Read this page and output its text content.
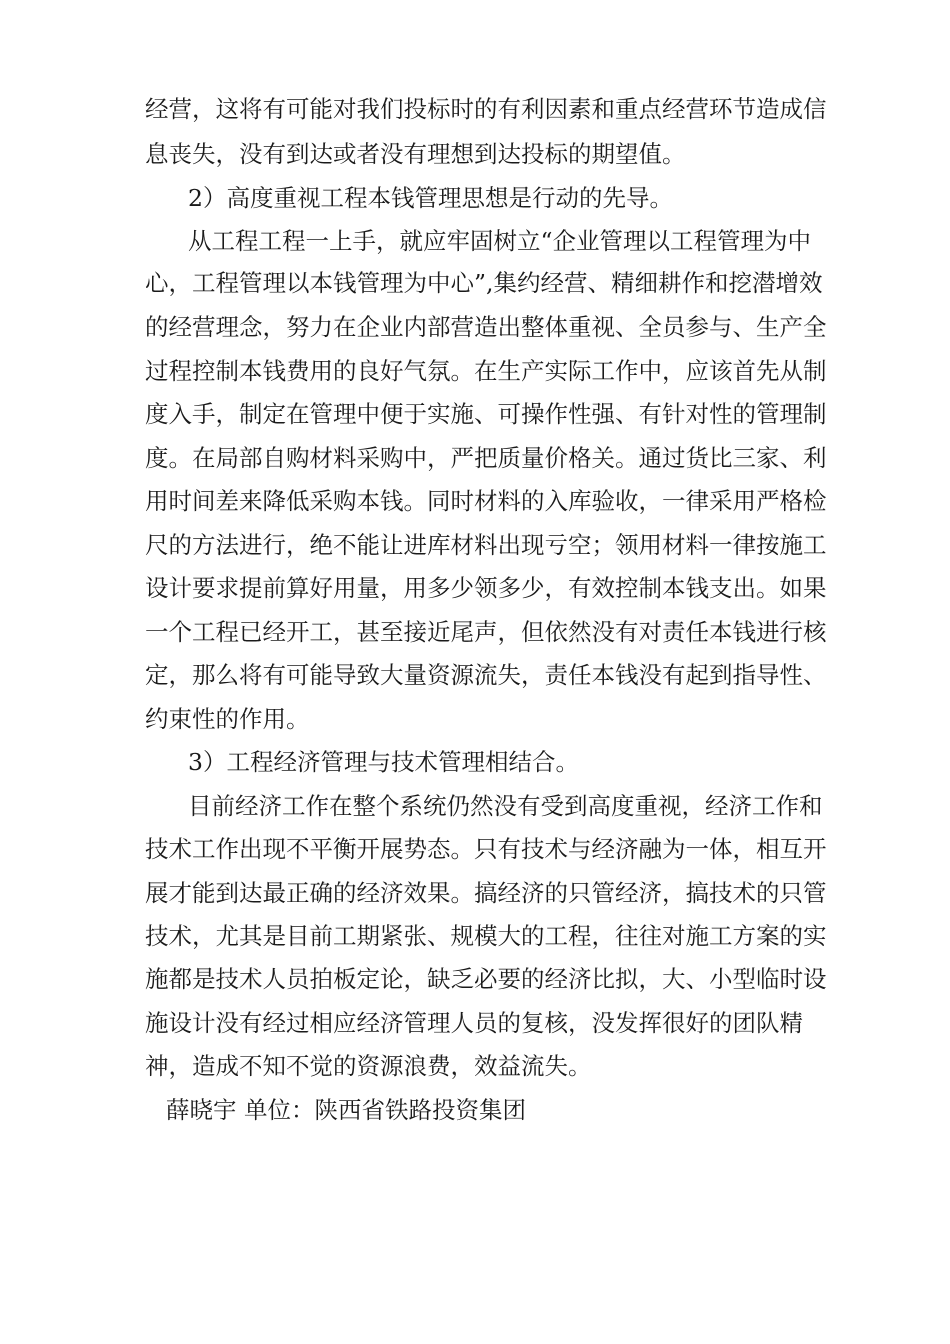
经营，这将有可能对我们投标时的有利因素和重点经营环节造成信
息丧失，没有到达或者没有理想到达投标的期望值。
2）高度重视工程本钱管理思想是行动的先导。
从工程工程一上手，就应牢固树立“企业管理以工程管理为中
心，工程管理以本钱管理为中心”,集约经营、精细耕作和挖潜增效
的经营理念，努力在企业内部营造出整体重视、全员参与、生产全
过程控制本钱费用的良好气氛。在生产实际工作中，应该首先从制
度入手，制定在管理中便于实施、可操作性强、有针对性的管理制
度。在局部自购材料采购中，严把质量价格关。通过货比三家、利
用时间差来降低采购本钱。同时材料的入库验收，一律采用严格检
尺的方法进行，绝不能让进库材料出现亏空；领用材料一律按施工
设计要求提前算好用量，用多少领多少，有效控制本钱支出。如果
一个工程已经开工，甚至接近尾声，但依然没有对责任本钱进行核
定，那么将有可能导致大量资源流失，责任本钱没有起到指导性、
约束性的作用。
3）工程经济管理与技术管理相结合。
目前经济工作在整个系统仍然没有受到高度重视，经济工作和
技术工作出现不平衡开展势态。只有技术与经济融为一体，相互开
展才能到达最正确的经济效果。搞经济的只管经济，搞技术的只管
技术，尤其是目前工期紧张、规模大的工程，往往对施工方案的实
施都是技术人员拍板定论，缺乏必要的经济比拟，大、小型临时设
施设计没有经过相应经济管理人员的复核，没发挥很好的团队精
神，造成不知不觉的资源浪费，效益流失。
薛晓宇 单位：陕西省铁路投资集团
